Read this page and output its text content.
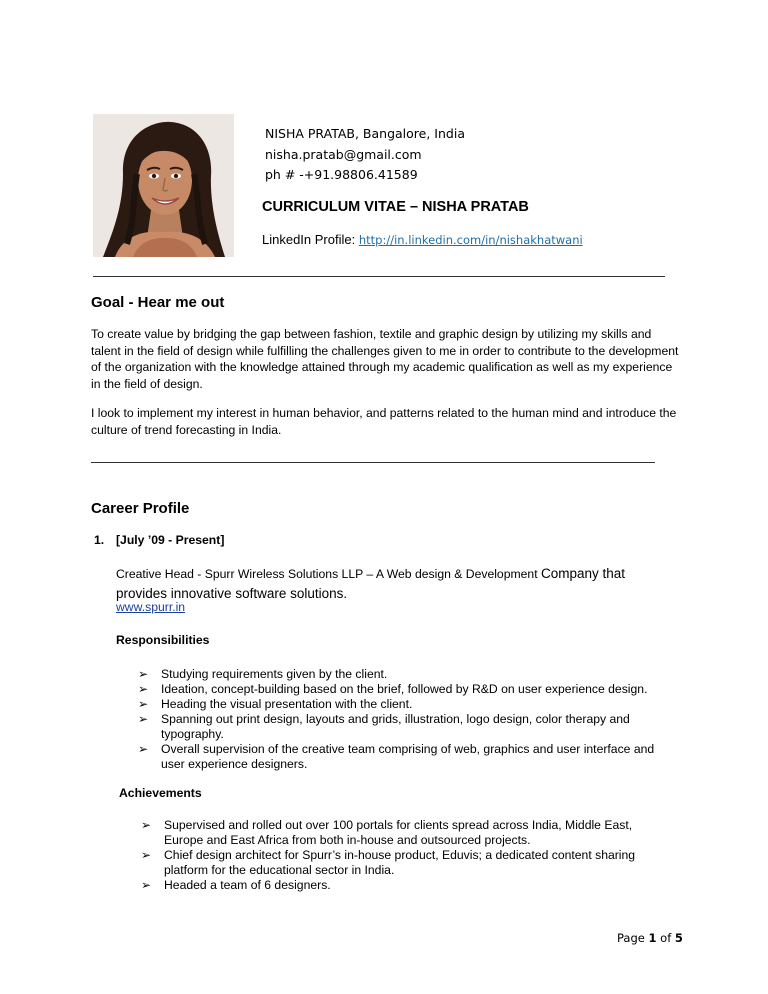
NISHA PRATAB, Bangalore, India
nisha.pratab@gmail.com
ph # -+91.98806.41589
CURRICULUM VITAE – NISHA PRATAB
LinkedIn Profile: http://in.linkedin.com/in/nishakhatwani
Goal - Hear me out
To create value by bridging the gap between fashion, textile and graphic design by utilizing my skills and talent in the field of design while fulfilling the challenges given to me in order to contribute to the development of the organization with the knowledge attained through my academic qualification as well as my experience in the field of design.
I look to implement my interest in human behavior, and patterns related to the human mind and introduce the culture of trend forecasting in India.
Career Profile
1. [July ’09 - Present]
Creative Head - Spurr Wireless Solutions LLP – A Web design & Development Company that
provides innovative software solutions.
www.spurr.in
Responsibilities
➢ Studying requirements given by the client.
➢ Ideation, concept-building based on the brief, followed by R&D on user experience design.
➢ Heading the visual presentation with the client.
➢ Spanning out print design, layouts and grids, illustration, logo design, color therapy and typography.
➢ Overall supervision of the creative team comprising of web, graphics and user interface and user experience designers.
Achievements
➢ Supervised and rolled out over 100 portals for clients spread across India, Middle East, Europe and East Africa from both in-house and outsourced projects.
➢ Chief design architect for Spurr’s in-house product, Eduvis; a dedicated content sharing platform for the educational sector in India.
➢ Headed a team of 6 designers.
Page 1 of 5
